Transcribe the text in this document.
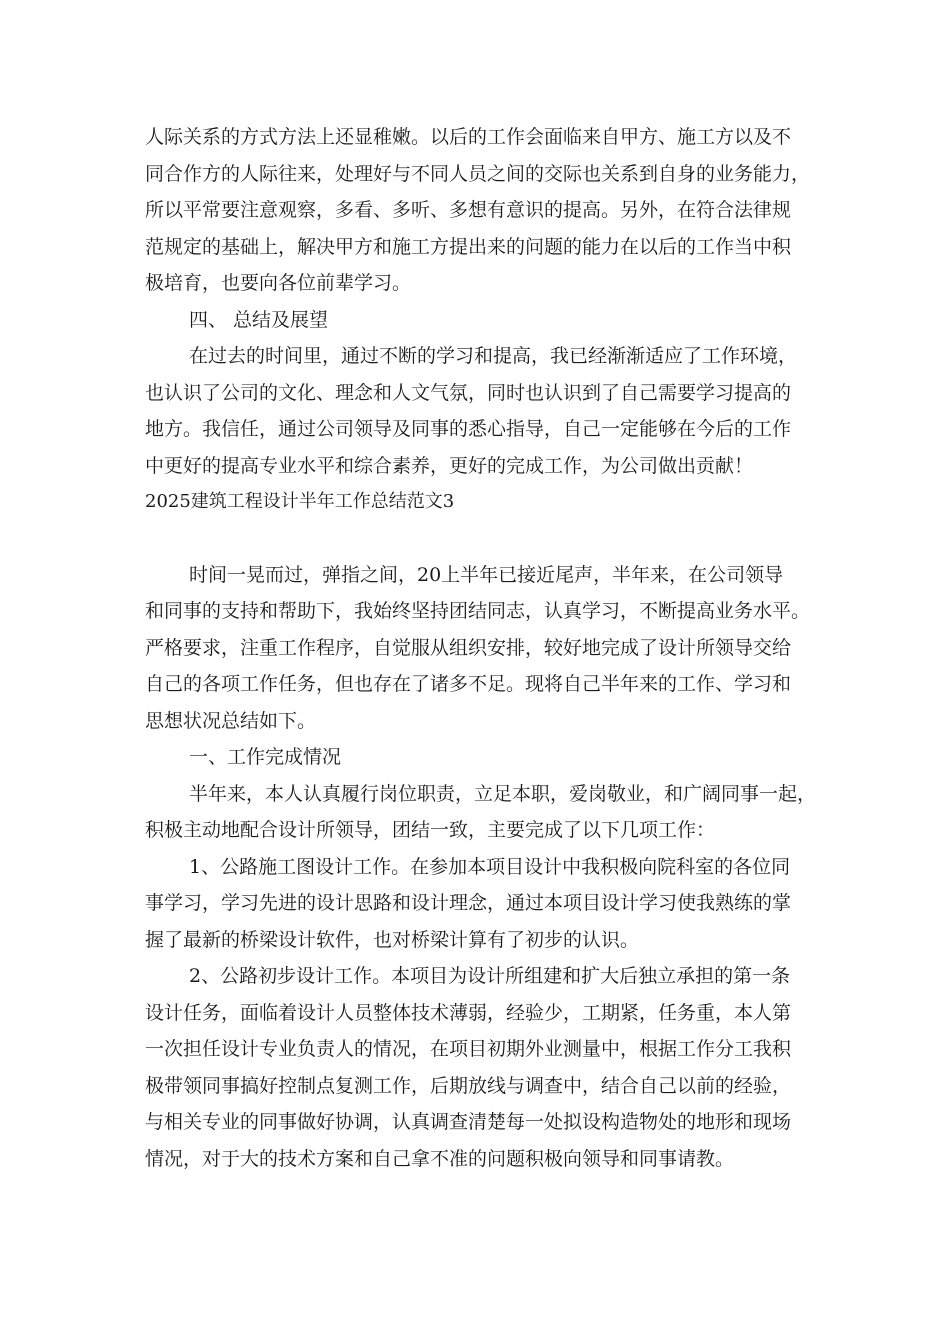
人际关系的方式方法上还显稚嫩。以后的工作会面临来自甲方、施工方以及不
同合作方的人际往来，处理好与不同人员之间的交际也关系到自身的业务能力，
所以平常要注意观察，多看、多听、多想有意识的提高。另外，在符合法律规
范规定的基础上，解决甲方和施工方提出来的问题的能力在以后的工作当中积
极培育，也要向各位前辈学习。
四、 总结及展望
在过去的时间里，通过不断的学习和提高，我已经渐渐适应了工作环境，
也认识了公司的文化、理念和人文气氛，同时也认识到了自己需要学习提高的
地方。我信任，通过公司领导及同事的悉心指导，自己一定能够在今后的工作
中更好的提高专业水平和综合素养，更好的完成工作，为公司做出贡献！
2025建筑工程设计半年工作总结范文3
时间一晃而过，弹指之间，20上半年已接近尾声，半年来，在公司领导
和同事的支持和帮助下，我始终坚持团结同志，认真学习，不断提高业务水平。
严格要求，注重工作程序，自觉服从组织安排，较好地完成了设计所领导交给
自己的各项工作任务，但也存在了诸多不足。现将自己半年来的工作、学习和
思想状况总结如下。
一、工作完成情况
半年来，本人认真履行岗位职责，立足本职，爱岗敬业，和广阔同事一起，
积极主动地配合设计所领导，团结一致，主要完成了以下几项工作：
1、公路施工图设计工作。在参加本项目设计中我积极向院科室的各位同
事学习，学习先进的设计思路和设计理念，通过本项目设计学习使我熟练的掌
握了最新的桥梁设计软件，也对桥梁计算有了初步的认识。
2、公路初步设计工作。本项目为设计所组建和扩大后独立承担的第一条
设计任务，面临着设计人员整体技术薄弱，经验少，工期紧，任务重，本人第
一次担任设计专业负责人的情况，在项目初期外业测量中，根据工作分工我积
极带领同事搞好控制点复测工作，后期放线与调查中，结合自己以前的经验，
与相关专业的同事做好协调，认真调查清楚每一处拟设构造物处的地形和现场
情况，对于大的技术方案和自己拿不准的问题积极向领导和同事请教。
